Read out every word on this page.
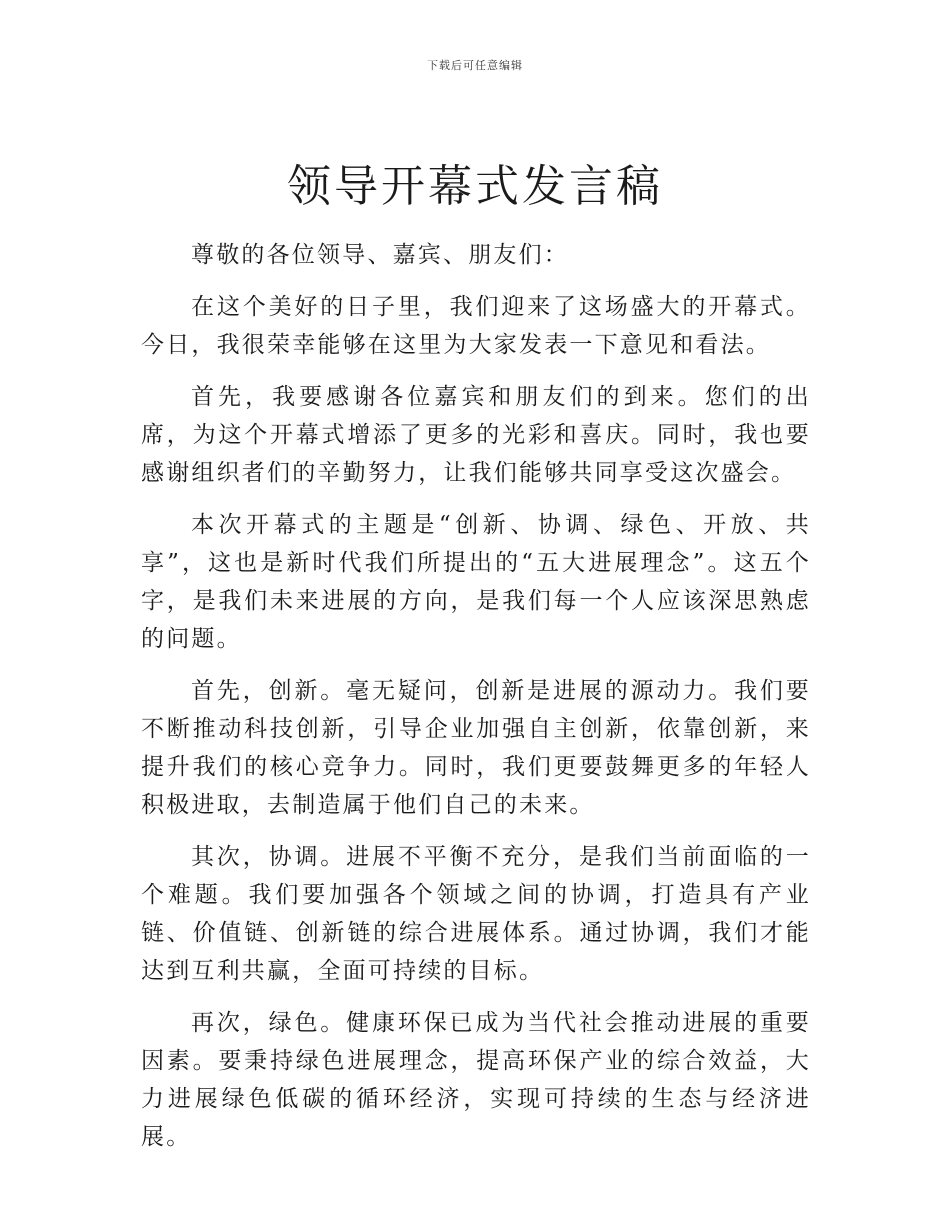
下载后可任意编辑
领导开幕式发言稿

尊敬的各位领导、嘉宾、朋友们：

在这个美好的日子里，我们迎来了这场盛大的开幕式。今日，我很荣幸能够在这里为大家发表一下意见和看法。

首先，我要感谢各位嘉宾和朋友们的到来。您们的出席，为这个开幕式增添了更多的光彩和喜庆。同时，我也要感谢组织者们的辛勤努力，让我们能够共同享受这次盛会。

本次开幕式的主题是“创新、协调、绿色、开放、共享”，这也是新时代我们所提出的“五大进展理念”。这五个字，是我们未来进展的方向，是我们每一个人应该深思熟虑的问题。

首先，创新。毫无疑问，创新是进展的源动力。我们要不断推动科技创新，引导企业加强自主创新，依靠创新，来提升我们的核心竞争力。同时，我们更要鼓舞更多的年轻人积极进取，去制造属于他们自己的未来。

其次，协调。进展不平衡不充分，是我们当前面临的一个难题。我们要加强各个领域之间的协调，打造具有产业链、价值链、创新链的综合进展体系。通过协调，我们才能达到互利共赢，全面可持续的目标。

再次，绿色。健康环保已成为当代社会推动进展的重要因素。要秉持绿色进展理念，提高环保产业的综合效益，大力进展绿色低碳的循环经济，实现可持续的生态与经济进展。
